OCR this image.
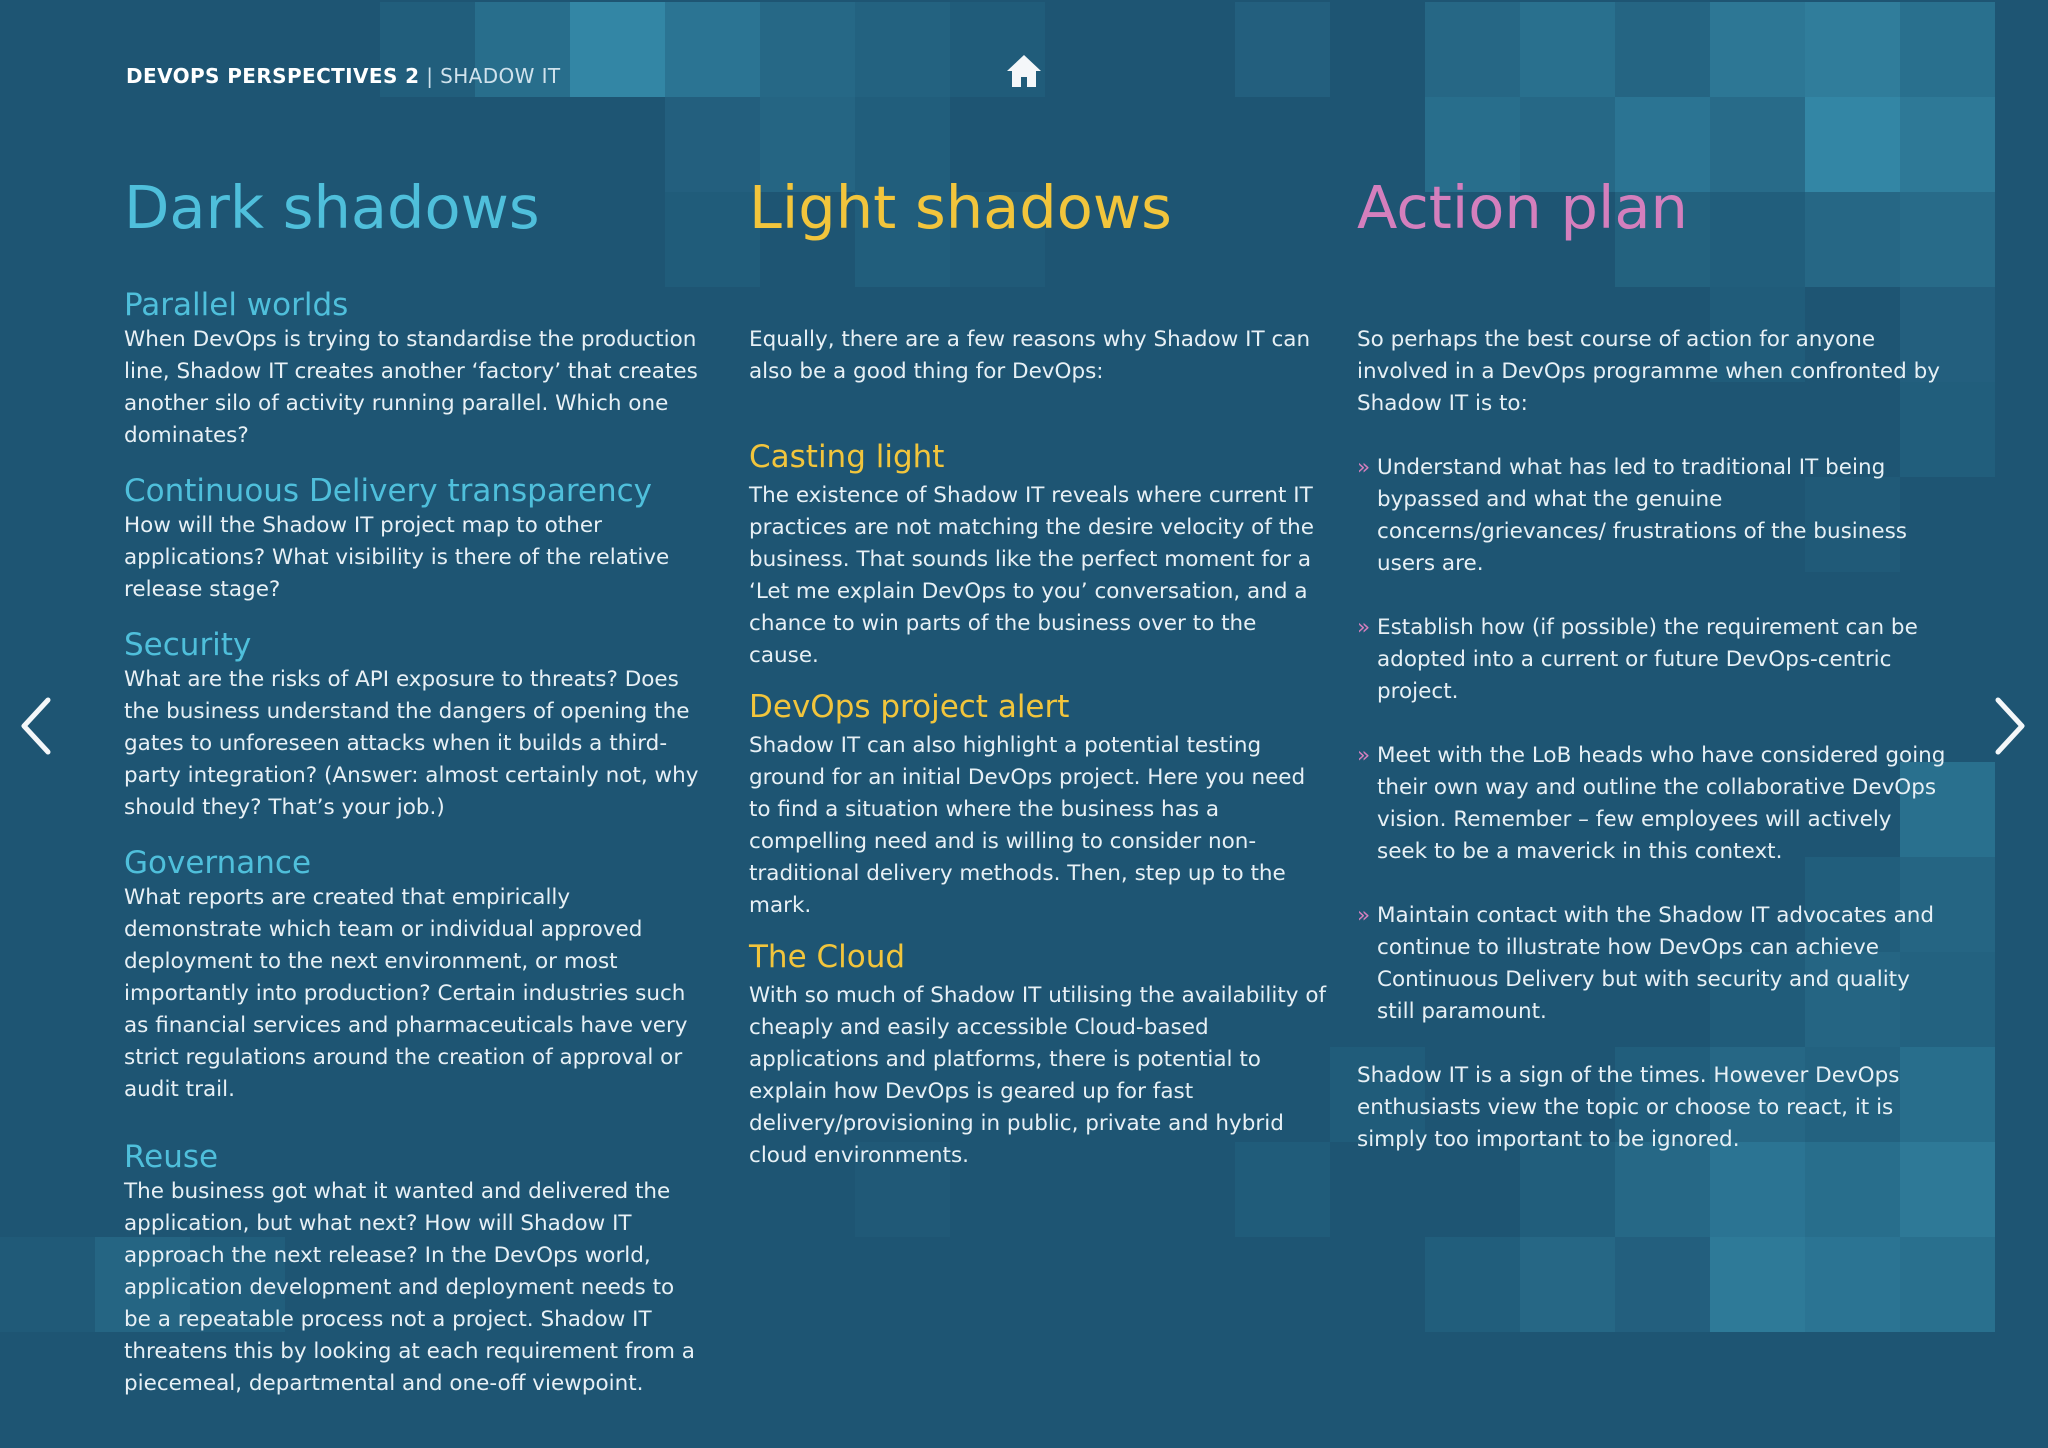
DEVOPS PERSPECTIVES 2 | SHADOW IT
Dark shadows
Parallel worlds

When DevOps is trying to standardise the production line, Shadow IT creates another ‘factory’ that creates another silo of activity running parallel. Which one dominates?

Continuous Delivery transparency

How will the Shadow IT project map to other applications? What visibility is there of the relative release stage?

Security

What are the risks of API exposure to threats? Does the business understand the dangers of opening the gates to unforeseen attacks when it builds a third-party integration? (Answer: almost certainly not, why should they? That’s your job.)

Governance

What reports are created that empirically demonstrate which team or individual approved deployment to the next environment, or most importantly into production? Certain industries such as financial services and pharmaceuticals have very strict regulations around the creation of approval or audit trail.

Reuse

The business got what it wanted and delivered the application, but what next? How will Shadow IT approach the next release? In the DevOps world, application development and deployment needs to be a repeatable process not a project. Shadow IT threatens this by looking at each requirement from a piecemeal, departmental and one-off viewpoint.

Light shadows

Equally, there are a few reasons why Shadow IT can also be a good thing for DevOps:

Casting light

The existence of Shadow IT reveals where current IT practices are not matching the desire velocity of the business. That sounds like the perfect moment for a ‘Let me explain DevOps to you’ conversation, and a chance to win parts of the business over to the cause.

DevOps project alert

Shadow IT can also highlight a potential testing ground for an initial DevOps project. Here you need to find a situation where the business has a compelling need and is willing to consider non-traditional delivery methods. Then, step up to the mark.

The Cloud

With so much of Shadow IT utilising the availability of cheaply and easily accessible Cloud-based applications and platforms, there is potential to explain how DevOps is geared up for fast delivery/provisioning in public, private and hybrid cloud environments.

Action plan

So perhaps the best course of action for anyone involved in a DevOps programme when confronted by Shadow IT is to:

» Understand what has led to traditional IT being bypassed and what the genuine concerns/grievances/ frustrations of the business users are.

» Establish how (if possible) the requirement can be adopted into a current or future DevOps-centric project.

» Meet with the LoB heads who have considered going their own way and outline the collaborative DevOps vision. Remember – few employees will actively seek to be a maverick in this context.

» Maintain contact with the Shadow IT advocates and continue to illustrate how DevOps can achieve Continuous Delivery but with security and quality still paramount.

Shadow IT is a sign of the times. However DevOps enthusiasts view the topic or choose to react, it is simply too important to be ignored.
